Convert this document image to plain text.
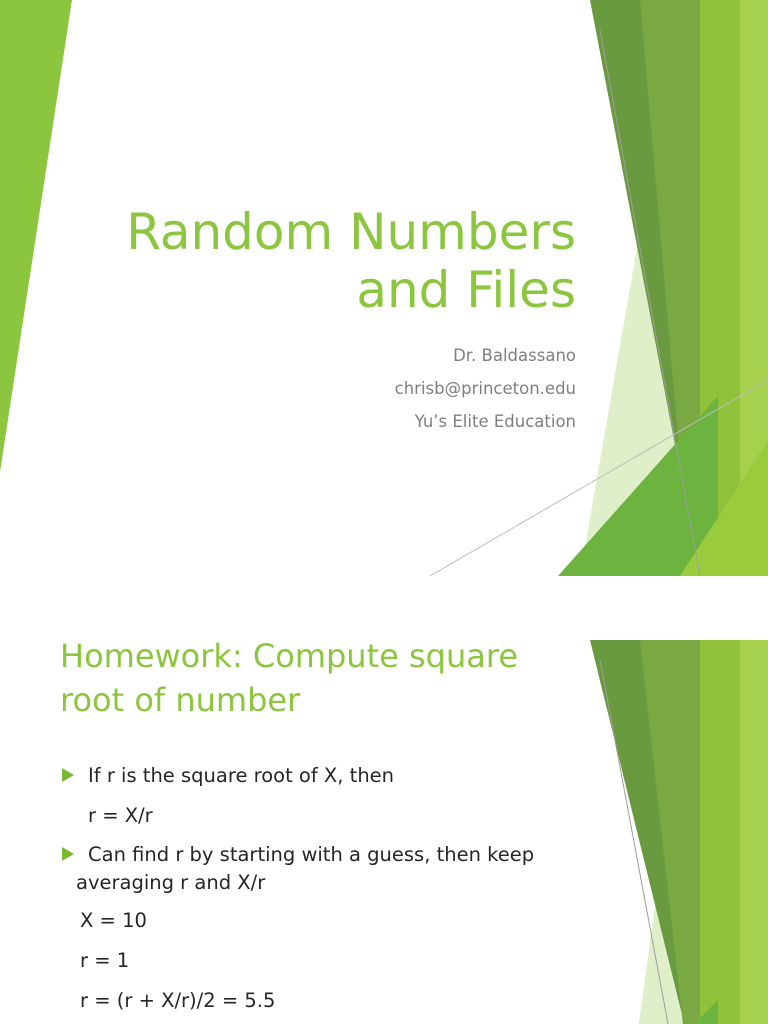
Random Numbers
and Files
Dr. Baldassano
chrisb@princeton.edu
Yu’s Elite Education
Homework: Compute square
root of number
If r is the square root of X, then
r = X/r
Can find r by starting with a guess, then keep
averaging r and X/r
X = 10
r = 1
r = (r + X/r)/2 = 5.5
